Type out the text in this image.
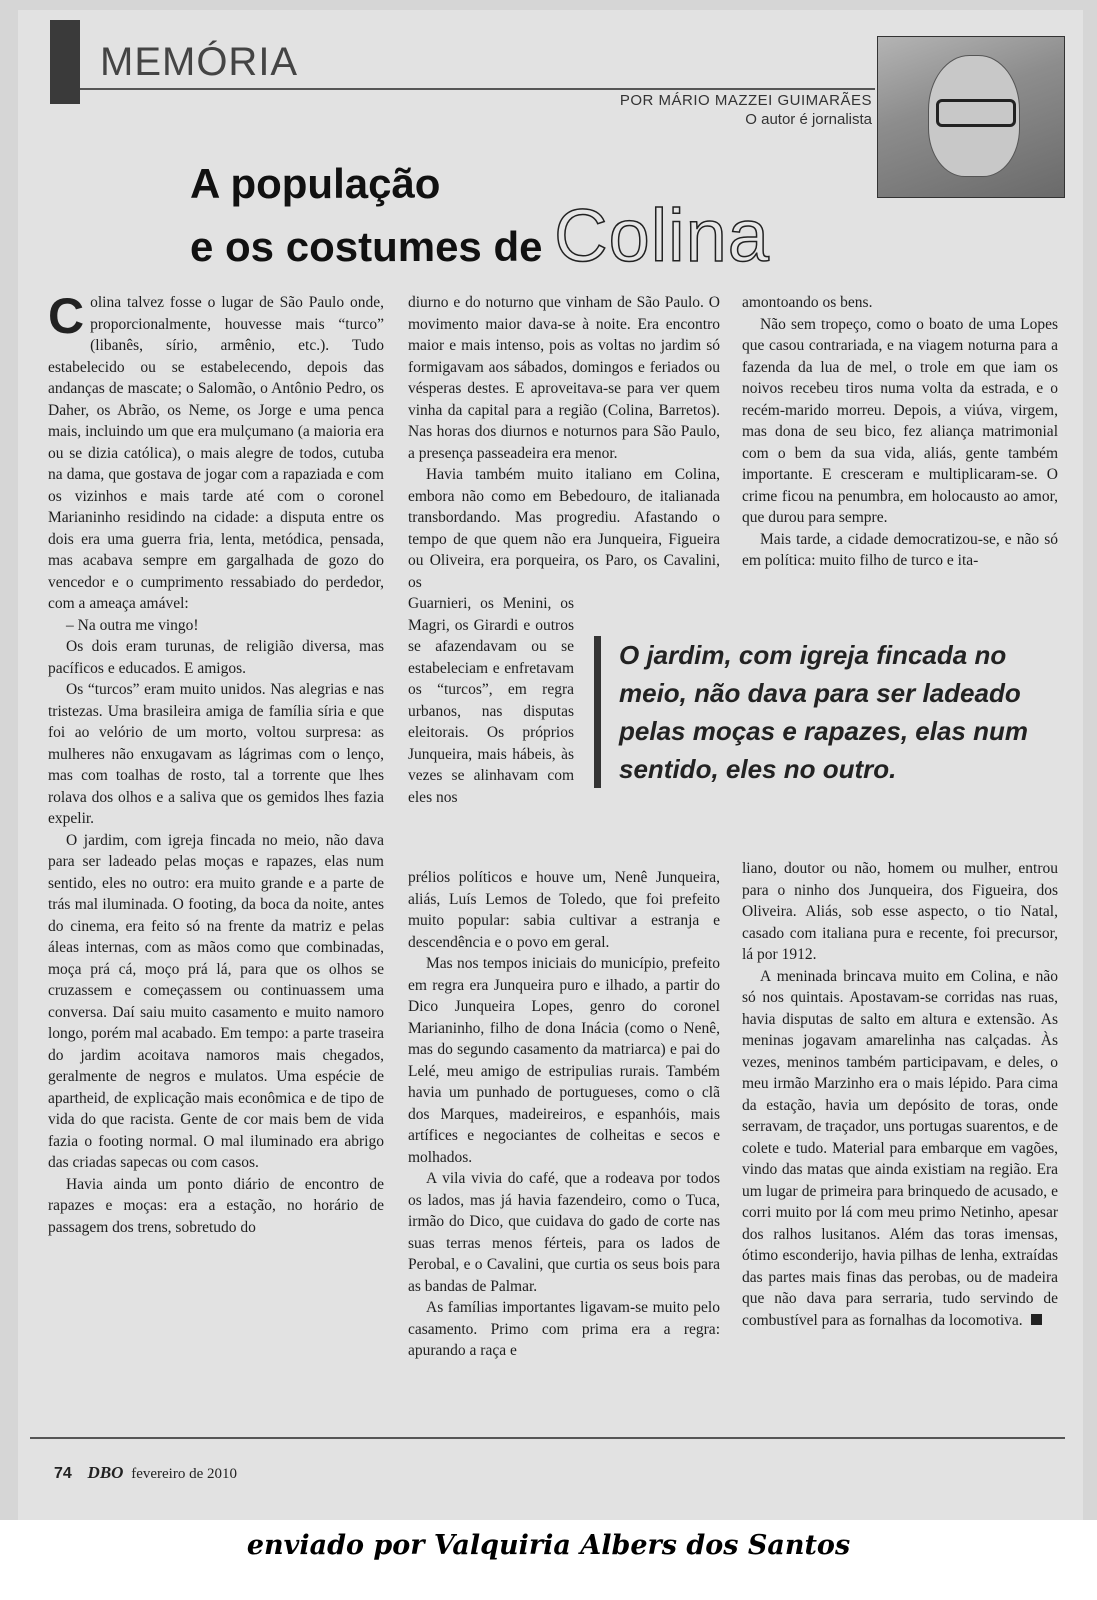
MEMÓRIA
POR MÁRIO MAZZEI GUIMARÃES
O autor é jornalista
A população
e os costumes de Colina

Colina talvez fosse o lugar de São Paulo onde, proporcionalmente, houvesse mais “turco” (libanês, sírio, armênio, etc.). Tudo estabelecido ou se estabelecendo, depois das andanças de mascate; o Salomão, o Antônio Pedro, os Daher, os Abrão, os Neme, os Jorge e uma penca mais, incluindo um que era mulçumano (a maioria era ou se dizia católica), o mais alegre de todos, cutuba na dama, que gostava de jogar com a rapaziada e com os vizinhos e mais tarde até com o coronel Marianinho residindo na cidade: a disputa entre os dois era uma guerra fria, lenta, metódica, pensada, mas acabava sempre em gargalhada de gozo do vencedor e o cumprimento ressabiado do perdedor, com a ameaça amável:

– Na outra me vingo!

Os dois eram turunas, de religião diversa, mas pacíficos e educados. E amigos.

Os “turcos” eram muito unidos. Nas alegrias e nas tristezas. Uma brasileira amiga de família síria e que foi ao velório de um morto, voltou surpresa: as mulheres não enxugavam as lágrimas com o lenço, mas com toalhas de rosto, tal a torrente que lhes rolava dos olhos e a saliva que os gemidos lhes fazia expelir.

O jardim, com igreja fincada no meio, não dava para ser ladeado pelas moças e rapazes, elas num sentido, eles no outro: era muito grande e a parte de trás mal iluminada. O footing, da boca da noite, antes do cinema, era feito só na frente da matriz e pelas áleas internas, com as mãos como que combinadas, moça prá cá, moço prá lá, para que os olhos se cruzassem e começassem ou continuassem uma conversa. Daí saiu muito casamento e muito namoro longo, porém mal acabado. Em tempo: a parte traseira do jardim acoitava namoros mais chegados, geralmente de negros e mulatos. Uma espécie de apartheid, de explicação mais econômica e de tipo de vida do que racista. Gente de cor mais bem de vida fazia o footing normal. O mal iluminado era abrigo das criadas sapecas ou com casos.

Havia ainda um ponto diário de encontro de rapazes e moças: era a estação, no horário de passagem dos trens, sobretudo do

diurno e do noturno que vinham de São Paulo. O movimento maior dava-se à noite. Era encontro maior e mais intenso, pois as voltas no jardim só formigavam aos sábados, domingos e feriados ou vésperas destes. E aproveitava-se para ver quem vinha da capital para a região (Colina, Barretos). Nas horas dos diurnos e noturnos para São Paulo, a presença passeadeira era menor.

Havia também muito italiano em Colina, embora não como em Bebedouro, de italianada transbordando. Mas progrediu. Afastando o tempo de que quem não era Junqueira, Figueira ou Oliveira, era porqueira, os Paro, os Cavalini, os

Guarnieri, os Menini, os Magri, os Girardi e outros se afazendavam ou se estabeleciam e enfretavam os “turcos”, em regra urbanos, nas disputas eleitorais. Os próprios Junqueira, mais hábeis, às vezes se alinhavam com eles nos

prélios políticos e houve um, Nenê Junqueira, aliás, Luís Lemos de Toledo, que foi prefeito muito popular: sabia cultivar a estranja e descendência e o povo em geral.

Mas nos tempos iniciais do município, prefeito em regra era Junqueira puro e ilhado, a partir do Dico Junqueira Lopes, genro do coronel Marianinho, filho de dona Inácia (como o Nenê, mas do segundo casamento da matriarca) e pai do Lelé, meu amigo de estripulias rurais. Também havia um punhado de portugueses, como o clã dos Marques, madeireiros, e espanhóis, mais artífices e negociantes de colheitas e secos e molhados.

A vila vivia do café, que a rodeava por todos os lados, mas já havia fazendeiro, como o Tuca, irmão do Dico, que cuidava do gado de corte nas suas terras menos férteis, para os lados de Perobal, e o Cavalini, que curtia os seus bois para as bandas de Palmar.

As famílias importantes ligavam-se muito pelo casamento. Primo com prima era a regra: apurando a raça e

amontoando os bens.

Não sem tropeço, como o boato de uma Lopes que casou contrariada, e na viagem noturna para a fazenda da lua de mel, o trole em que iam os noivos recebeu tiros numa volta da estrada, e o recém-marido morreu. Depois, a viúva, virgem, mas dona de seu bico, fez aliança matrimonial com o bem da sua vida, aliás, gente também importante. E cresceram e multiplicaram-se. O crime ficou na penumbra, em holocausto ao amor, que durou para sempre.

Mais tarde, a cidade democratizou-se, e não só em política: muito filho de turco e ita-

liano, doutor ou não, homem ou mulher, entrou para o ninho dos Junqueira, dos Figueira, dos Oliveira. Aliás, sob esse aspecto, o tio Natal, casado com italiana pura e recente, foi precursor, lá por 1912.

A meninada brincava muito em Colina, e não só nos quintais. Apostavam-se corridas nas ruas, havia disputas de salto em altura e extensão. As meninas jogavam amarelinha nas calçadas. Às vezes, meninos também participavam, e deles, o meu irmão Marzinho era o mais lépido. Para cima da estação, havia um depósito de toras, onde serravam, de traçador, uns portugas suarentos, e de colete e tudo. Material para embarque em vagões, vindo das matas que ainda existiam na região. Era um lugar de primeira para brinquedo de acusado, e corri muito por lá com meu primo Netinho, apesar dos ralhos lusitanos. Além das toras imensas, ótimo esconderijo, havia pilhas de lenha, extraídas das partes mais finas das perobas, ou de madeira que não dava para serraria, tudo servindo de combustível para as fornalhas da locomotiva.

O jardim, com igreja fincada no meio, não dava para ser ladeado pelas moças e rapazes, elas num sentido, eles no outro.
74 DBO fevereiro de 2010
enviado por Valquiria Albers dos Santos
